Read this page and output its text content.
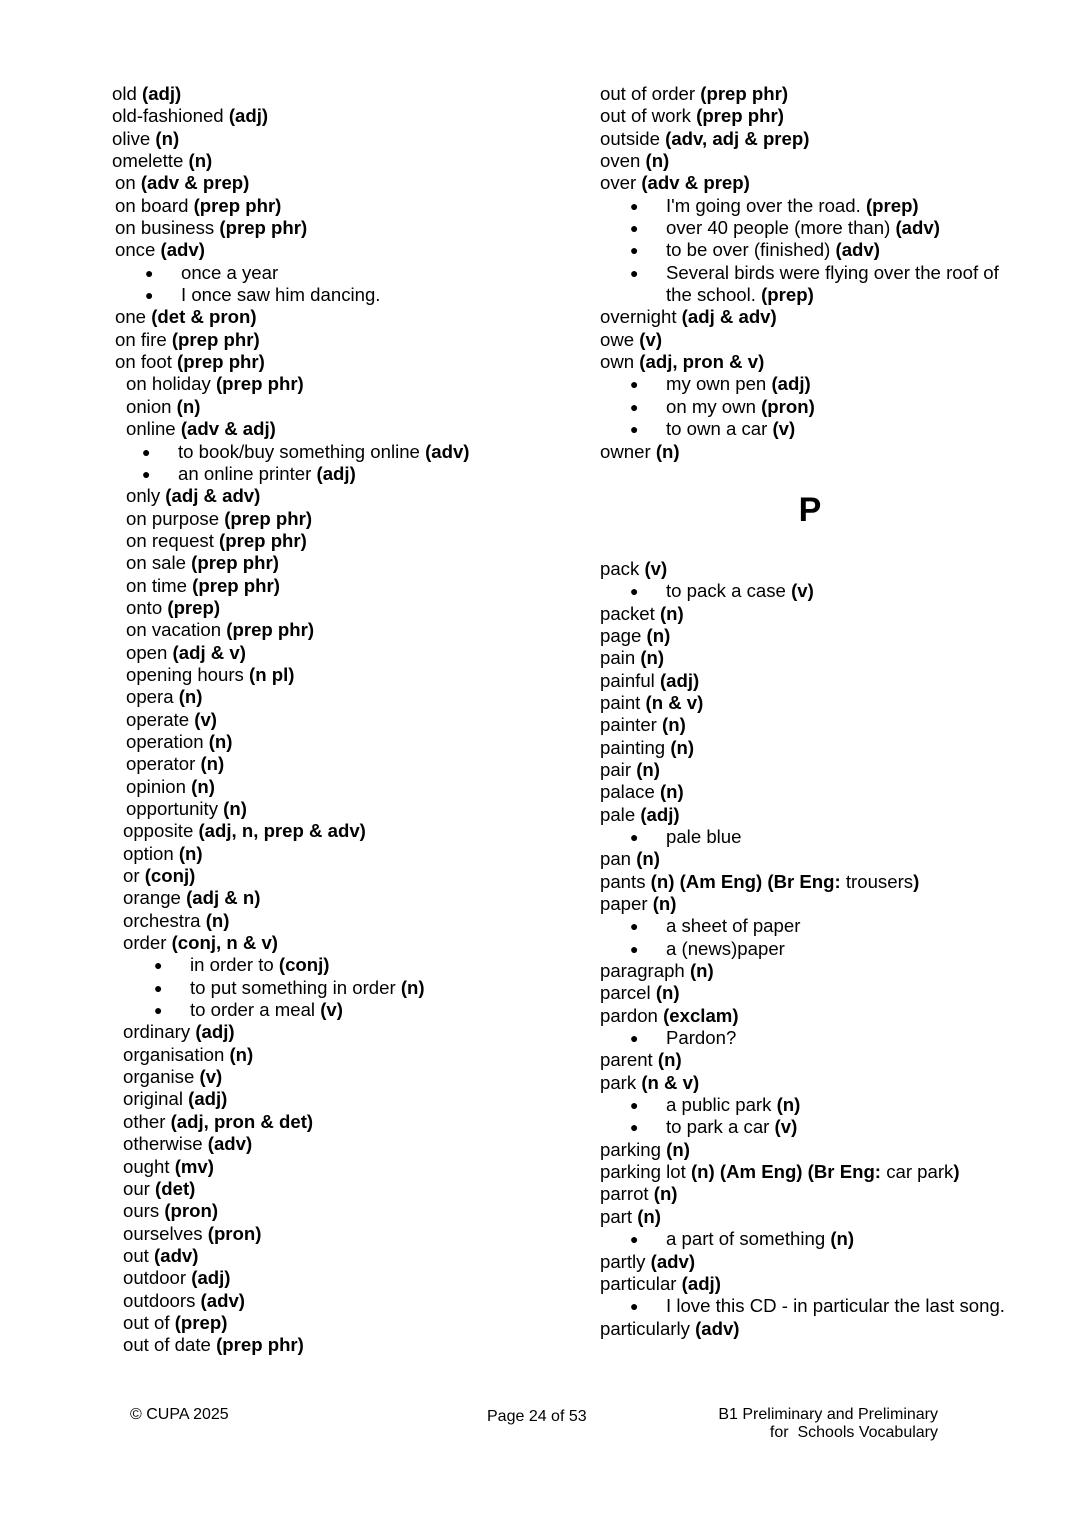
old (adj)
old-fashioned (adj)
olive (n)
omelette (n)
on (adv & prep)
on board (prep phr)
on business (prep phr)
once (adv)
● once a year
● I once saw him dancing.
one (det & pron)
on fire (prep phr)
on foot (prep phr)
on holiday (prep phr)
onion (n)
online (adv & adj)
● to book/buy something online (adv)
● an online printer (adj)
only (adj & adv)
on purpose (prep phr)
on request (prep phr)
on sale (prep phr)
on time (prep phr)
onto (prep)
on vacation (prep phr)
open (adj & v)
opening hours (n pl)
opera (n)
operate (v)
operation (n)
operator (n)
opinion (n)
opportunity (n)
opposite (adj, n, prep & adv)
option (n)
or (conj)
orange (adj & n)
orchestra (n)
order (conj, n & v)
● in order to (conj)
● to put something in order (n)
● to order a meal (v)
ordinary (adj)
organisation (n)
organise (v)
original (adj)
other (adj, pron & det)
otherwise (adv)
ought (mv)
our (det)
ours (pron)
ourselves (pron)
out (adv)
outdoor (adj)
outdoors (adv)
out of (prep)
out of date (prep phr)
out of order (prep phr)
out of work (prep phr)
outside (adv, adj & prep)
oven (n)
over (adv & prep)
● I'm going over the road. (prep)
● over 40 people (more than) (adv)
● to be over (finished) (adv)
● Several birds were flying over the roof of the school. (prep)
overnight (adj & adv)
owe (v)
own (adj, pron & v)
● my own pen (adj)
● on my own (pron)
● to own a car (v)
owner (n)
P
pack (v)
● to pack a case (v)
packet (n)
page (n)
pain (n)
painful (adj)
paint (n & v)
painter (n)
painting (n)
pair (n)
palace (n)
pale (adj)
● pale blue
pan (n)
pants (n) (Am Eng) (Br Eng: trousers)
paper (n)
● a sheet of paper
● a (news)paper
paragraph (n)
parcel (n)
pardon (exclam)
● Pardon?
parent (n)
park (n & v)
● a public park (n)
● to park a car (v)
parking (n)
parking lot (n) (Am Eng) (Br Eng: car park)
parrot (n)
part (n)
● a part of something (n)
partly (adv)
particular (adj)
● I love this CD - in particular the last song.
particularly (adv)
© CUPA 2025	Page 24 of 53	B1 Preliminary and Preliminary
for  Schools Vocabulary
